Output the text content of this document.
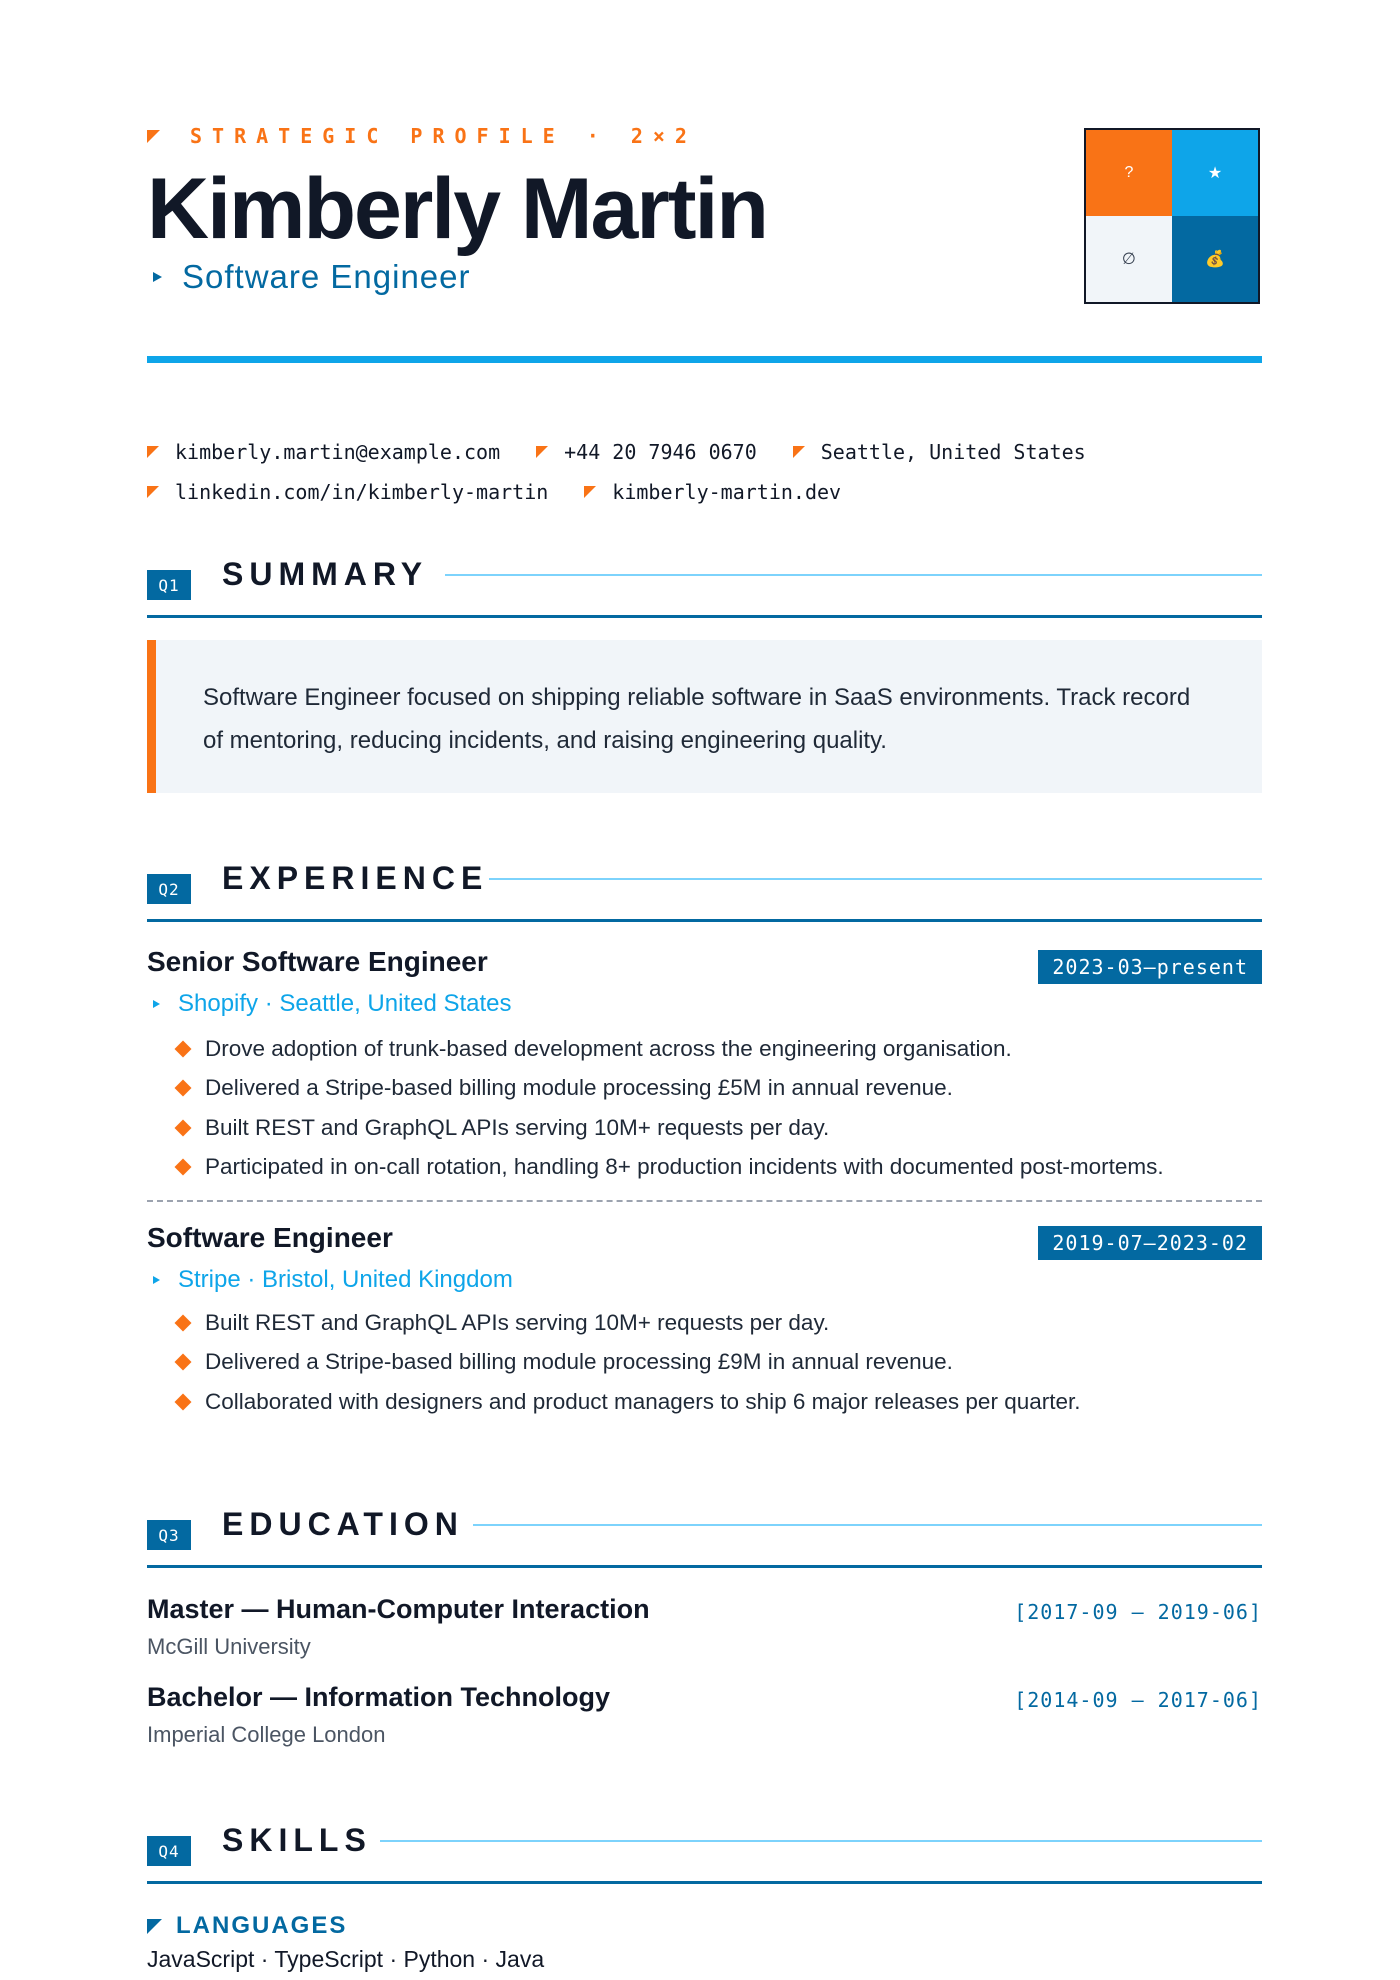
STRATEGIC PROFILE · 2×2
Kimberly Martin
Software Engineer
?	★
∅	💰
kimberly.martin@example.com	+44 20 7946 0670	Seattle, United States
linkedin.com/in/kimberly-martin	kimberly-martin.dev
Q1	SUMMARY
Software Engineer focused on shipping reliable software in SaaS environments. Track record of mentoring, reducing incidents, and raising engineering quality.
Q2	EXPERIENCE
Senior Software Engineer	2023-03—present
Shopify · Seattle, United States
Drove adoption of trunk-based development across the engineering organisation.
Delivered a Stripe-based billing module processing £5M in annual revenue.
Built REST and GraphQL APIs serving 10M+ requests per day.
Participated in on-call rotation, handling 8+ production incidents with documented post-mortems.
Software Engineer	2019-07—2023-02
Stripe · Bristol, United Kingdom
Built REST and GraphQL APIs serving 10M+ requests per day.
Delivered a Stripe-based billing module processing £9M in annual revenue.
Collaborated with designers and product managers to ship 6 major releases per quarter.
Q3	EDUCATION
Master — Human-Computer Interaction	[2017-09 – 2019-06]
McGill University
Bachelor — Information Technology	[2014-09 – 2017-06]
Imperial College London
Q4	SKILLS
LANGUAGES
JavaScript · TypeScript · Python · Java
